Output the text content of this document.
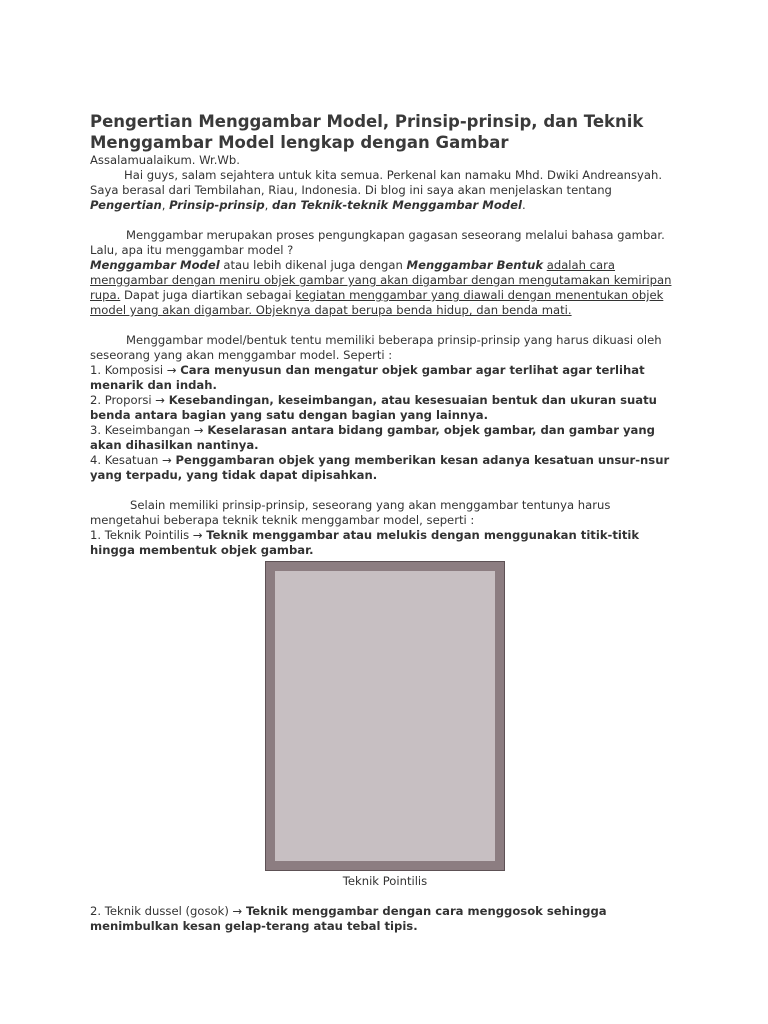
Pengertian Menggambar Model, Prinsip-prinsip, dan Teknik Menggambar Model lengkap dengan Gambar

Assalamualaikum. Wr.Wb.

Hai guys, salam sejahtera untuk kita semua. Perkenal kan namaku Mhd. Dwiki Andreansyah. Saya berasal dari Tembilahan, Riau, Indonesia. Di blog ini saya akan menjelaskan tentang Pengertian, Prinsip-prinsip, dan Teknik-teknik Menggambar Model.

Menggambar merupakan proses pengungkapan gagasan seseorang melalui bahasa gambar. Lalu, apa itu menggambar model ?

Menggambar Model atau lebih dikenal juga dengan Menggambar Bentuk adalah cara menggambar dengan meniru objek gambar yang akan digambar dengan mengutamakan kemiripan rupa. Dapat juga diartikan sebagai kegiatan menggambar yang diawali dengan menentukan objek model yang akan digambar. Objeknya dapat berupa benda hidup, dan benda mati.

Menggambar model/bentuk tentu memiliki beberapa prinsip-prinsip yang harus dikuasi oleh seseorang yang akan menggambar model. Seperti :

1. Komposisi → Cara menyusun dan mengatur objek gambar agar terlihat agar terlihat menarik dan indah.

2. Proporsi → Kesebandingan, keseimbangan, atau kesesuaian bentuk dan ukuran suatu benda antara bagian yang satu dengan bagian yang lainnya.

3. Keseimbangan → Keselarasan antara bidang gambar, objek gambar, dan gambar yang akan dihasilkan nantinya.

4. Kesatuan → Penggambaran objek yang memberikan kesan adanya kesatuan unsur-nsur yang terpadu, yang tidak dapat dipisahkan.

Selain memiliki prinsip-prinsip, seseorang yang akan menggambar tentunya harus mengetahui beberapa teknik teknik menggambar model, seperti :

1. Teknik Pointilis → Teknik menggambar atau melukis dengan menggunakan titik-titik hingga membentuk objek gambar.

Teknik Pointilis

2. Teknik dussel (gosok) → Teknik menggambar dengan cara menggosok sehingga menimbulkan kesan gelap-terang atau tebal tipis.
